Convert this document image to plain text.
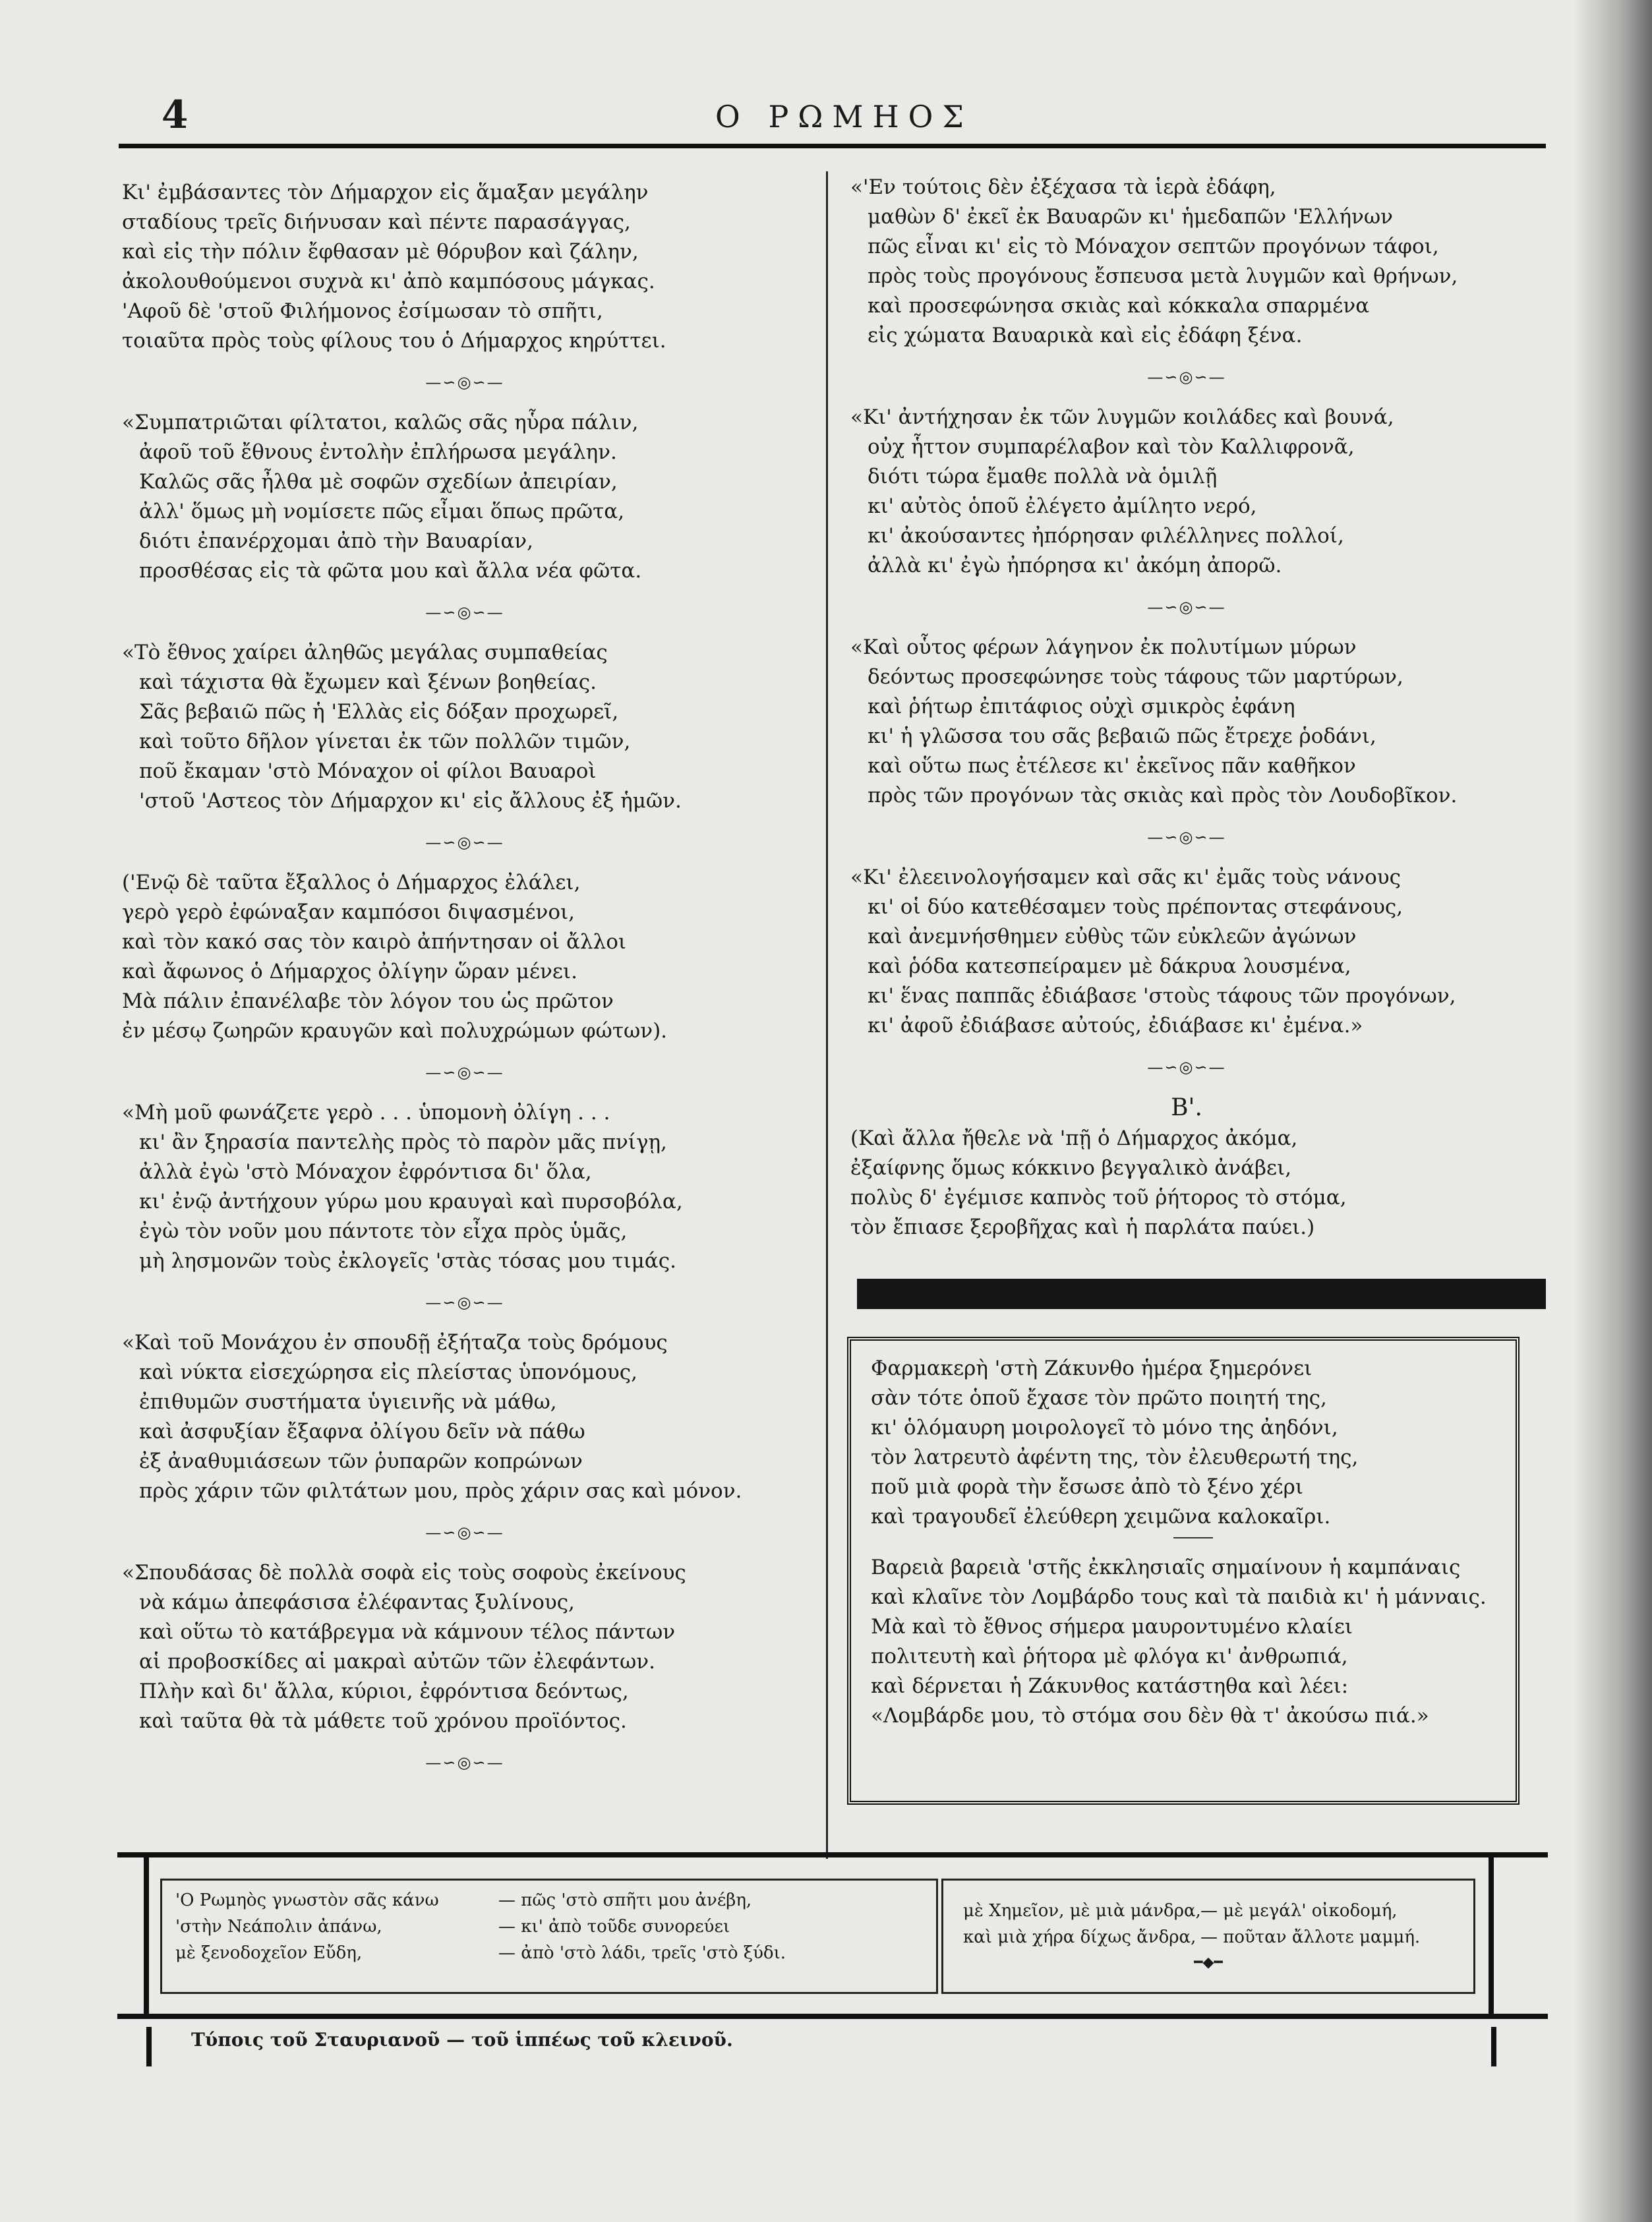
4	Ο ΡΩΜΗΟΣ
Κι' ἐμβάσαντες τὸν Δήμαρχον εἰς ἅμαξαν μεγάλην
σταδίους τρεῖς διήνυσαν καὶ πέντε παρασάγγας,
καὶ εἰς τὴν πόλιν ἔφθασαν μὲ θόρυβον καὶ ζάλην,
ἀκολουθούμενοι συχνὰ κι' ἀπὸ καμπόσους μάγκας.
'Αφοῦ δὲ 'στοῦ Φιλήμονος ἐσίμωσαν τὸ σπῆτι,
τοιαῦτα πρὸς τοὺς φίλους του ὁ Δήμαρχος κηρύττει.
—∽◎∽—
«Συμπατριῶται φίλτατοι, καλῶς σᾶς ηὗρα πάλιν,
ἀφοῦ τοῦ ἔθνους ἐντολὴν ἐπλήρωσα μεγάλην.
Καλῶς σᾶς ἦλθα μὲ σοφῶν σχεδίων ἀπειρίαν,
ἀλλ' ὅμως μὴ νομίσετε πῶς εἶμαι ὅπως πρῶτα,
διότι ἐπανέρχομαι ἀπὸ τὴν Βαυαρίαν,
προσθέσας εἰς τὰ φῶτα μου καὶ ἄλλα νέα φῶτα.
—∽◎∽—
«Τὸ ἔθνος χαίρει ἀληθῶς μεγάλας συμπαθείας
καὶ τάχιστα θὰ ἔχωμεν καὶ ξένων βοηθείας.
Σᾶς βεβαιῶ πῶς ἡ 'Ελλὰς εἰς δόξαν προχωρεῖ,
καὶ τοῦτο δῆλον γίνεται ἐκ τῶν πολλῶν τιμῶν,
ποῦ ἔκαμαν 'στὸ Μόναχον οἱ φίλοι Βαυαροὶ
'στοῦ 'Αστεος τὸν Δήμαρχον κι' εἰς ἄλλους ἐξ ἡμῶν.
—∽◎∽—
('Ενῷ δὲ ταῦτα ἔξαλλος ὁ Δήμαρχος ἐλάλει,
γερὸ γερὸ ἐφώναξαν καμπόσοι διψασμένοι,
καὶ τὸν κακό σας τὸν καιρὸ ἀπήντησαν οἱ ἄλλοι
καὶ ἄφωνος ὁ Δήμαρχος ὀλίγην ὥραν μένει.
Μὰ πάλιν ἐπανέλαβε τὸν λόγον του ὡς πρῶτον
ἐν μέσῳ ζωηρῶν κραυγῶν καὶ πολυχρώμων φώτων).
—∽◎∽—
«Μὴ μοῦ φωνάζετε γερὸ . . . ὑπομονὴ ὀλίγη . . .
κι' ἂν ξηρασία παντελὴς πρὸς τὸ παρὸν μᾶς πνίγῃ,
ἀλλὰ ἐγὼ 'στὸ Μόναχον ἐφρόντισα δι' ὅλα,
κι' ἐνῷ ἀντήχουν γύρω μου κραυγαὶ καὶ πυρσοβόλα,
ἐγὼ τὸν νοῦν μου πάντοτε τὸν εἶχα πρὸς ὑμᾶς,
μὴ λησμονῶν τοὺς ἐκλογεῖς 'στὰς τόσας μου τιμάς.
—∽◎∽—
«Καὶ τοῦ Μονάχου ἐν σπουδῇ ἐξήταζα τοὺς δρόμους
καὶ νύκτα εἰσεχώρησα εἰς πλείστας ὑπονόμους,
ἐπιθυμῶν συστήματα ὑγιεινῆς νὰ μάθω,
καὶ ἀσφυξίαν ἔξαφνα ὀλίγου δεῖν νὰ πάθω
ἐξ ἀναθυμιάσεων τῶν ῥυπαρῶν κοπρώνων
πρὸς χάριν τῶν φιλτάτων μου, πρὸς χάριν σας καὶ μόνον.
—∽◎∽—
«Σπουδάσας δὲ πολλὰ σοφὰ εἰς τοὺς σοφοὺς ἐκείνους
νὰ κάμω ἀπεφάσισα ἐλέφαντας ξυλίνους,
καὶ οὕτω τὸ κατάβρεγμα νὰ κάμνουν τέλος πάντων
αἱ προβοσκίδες αἱ μακραὶ αὐτῶν τῶν ἐλεφάντων.
Πλὴν καὶ δι' ἄλλα, κύριοι, ἐφρόντισα δεόντως,
καὶ ταῦτα θὰ τὰ μάθετε τοῦ χρόνου προϊόντος.
—∽◎∽—
«'Εν τούτοις δὲν ἐξέχασα τὰ ἱερὰ ἐδάφη,
μαθὼν δ' ἐκεῖ ἐκ Βαυαρῶν κι' ἡμεδαπῶν 'Ελλήνων
πῶς εἶναι κι' εἰς τὸ Μόναχον σεπτῶν προγόνων τάφοι,
πρὸς τοὺς προγόνους ἔσπευσα μετὰ λυγμῶν καὶ θρήνων,
καὶ προσεφώνησα σκιὰς καὶ κόκκαλα σπαρμένα
εἰς χώματα Βαυαρικὰ καὶ εἰς ἐδάφη ξένα.
—∽◎∽—
«Κι' ἀντήχησαν ἐκ τῶν λυγμῶν κοιλάδες καὶ βουνά,
οὐχ ἧττον συμπαρέλαβον καὶ τὸν Καλλιφρονᾶ,
διότι τώρα ἔμαθε πολλὰ νὰ ὁμιλῇ
κι' αὐτὸς ὁποῦ ἐλέγετο ἀμίλητο νερό,
κι' ἀκούσαντες ἠπόρησαν φιλέλληνες πολλοί,
ἀλλὰ κι' ἐγὼ ἠπόρησα κι' ἀκόμη ἀπορῶ.
—∽◎∽—
«Καὶ οὗτος φέρων λάγηνον ἐκ πολυτίμων μύρων
δεόντως προσεφώνησε τοὺς τάφους τῶν μαρτύρων,
καὶ ῥήτωρ ἐπιτάφιος οὐχὶ σμικρὸς ἐφάνη
κι' ἡ γλῶσσα του σᾶς βεβαιῶ πῶς ἔτρεχε ῥοδάνι,
καὶ οὕτω πως ἐτέλεσε κι' ἐκεῖνος πᾶν καθῆκον
πρὸς τῶν προγόνων τὰς σκιὰς καὶ πρὸς τὸν Λουδοβῖκον.
—∽◎∽—
«Κι' ἐλεεινολογήσαμεν καὶ σᾶς κι' ἐμᾶς τοὺς νάνους
κι' οἱ δύο κατεθέσαμεν τοὺς πρέποντας στεφάνους,
καὶ ἀνεμνήσθημεν εὐθὺς τῶν εὐκλεῶν ἀγώνων
καὶ ῥόδα κατεσπείραμεν μὲ δάκρυα λουσμένα,
κι' ἕνας παππᾶς ἐδιάβασε 'στοὺς τάφους τῶν προγόνων,
κι' ἀφοῦ ἐδιάβασε αὐτούς, ἐδιάβασε κι' ἐμένα.»
—∽◎∽—
Β'.
(Καὶ ἄλλα ἤθελε νὰ 'πῇ ὁ Δήμαρχος ἀκόμα,
ἐξαίφνης ὅμως κόκκινο βεγγαλικὸ ἀνάβει,
πολὺς δ' ἐγέμισε καπνὸς τοῦ ῥήτορος τὸ στόμα,
τὸν ἔπιασε ξεροβῆχας καὶ ἡ παρλάτα παύει.)
Φαρμακερὴ 'στὴ Ζάκυνθο ἡμέρα ξημερόνει
σὰν τότε ὁποῦ ἔχασε τὸν πρῶτο ποιητή της,
κι' ὁλόμαυρη μοιρολογεῖ τὸ μόνο της ἀηδόνι,
τὸν λατρευτὸ ἀφέντη της, τὸν ἐλευθερωτή της,
ποῦ μιὰ φορὰ τὴν ἔσωσε ἀπὸ τὸ ξένο χέρι
καὶ τραγουδεῖ ἐλεύθερη χειμῶνα καλοκαῖρι.
Βαρειὰ βαρειὰ 'στῆς ἐκκλησιαῖς σημαίνουν ἡ καμπάναις
καὶ κλαῖνε τὸν Λομβάρδο τους καὶ τὰ παιδιὰ κι' ἡ μάνναις.
Μὰ καὶ τὸ ἔθνος σήμερα μαυροντυμένο κλαίει
πολιτευτὴ καὶ ῥήτορα μὲ φλόγα κι' ἀνθρωπιά,
καὶ δέρνεται ἡ Ζάκυνθος κατάστηθα καὶ λέει:
«Λομβάρδε μου, τὸ στόμα σου δὲν θὰ τ' ἀκούσω πιά.»
'Ο Ρωμηὸς γνωστὸν σᾶς κάνω	— πῶς 'στὸ σπῆτι μου ἀνέβη,
'στὴν Νεάπολιν ἀπάνω,	— κι' ἀπὸ τοῦδε συνορεύει
μὲ ξενοδοχεῖον Εὔδη,	— ἀπὸ 'στὸ λάδι, τρεῖς 'στὸ ξύδι.
μὲ Χημεῖον, μὲ μιὰ μάνδρα,— μὲ μεγάλ' οἰκοδομή,
καὶ μιὰ χήρα δίχως ἄνδρα, — ποῦταν ἄλλοτε μαμμή.
━◆━
Τύποις τοῦ Σταυριανοῦ — τοῦ ἱππέως τοῦ κλεινοῦ.
